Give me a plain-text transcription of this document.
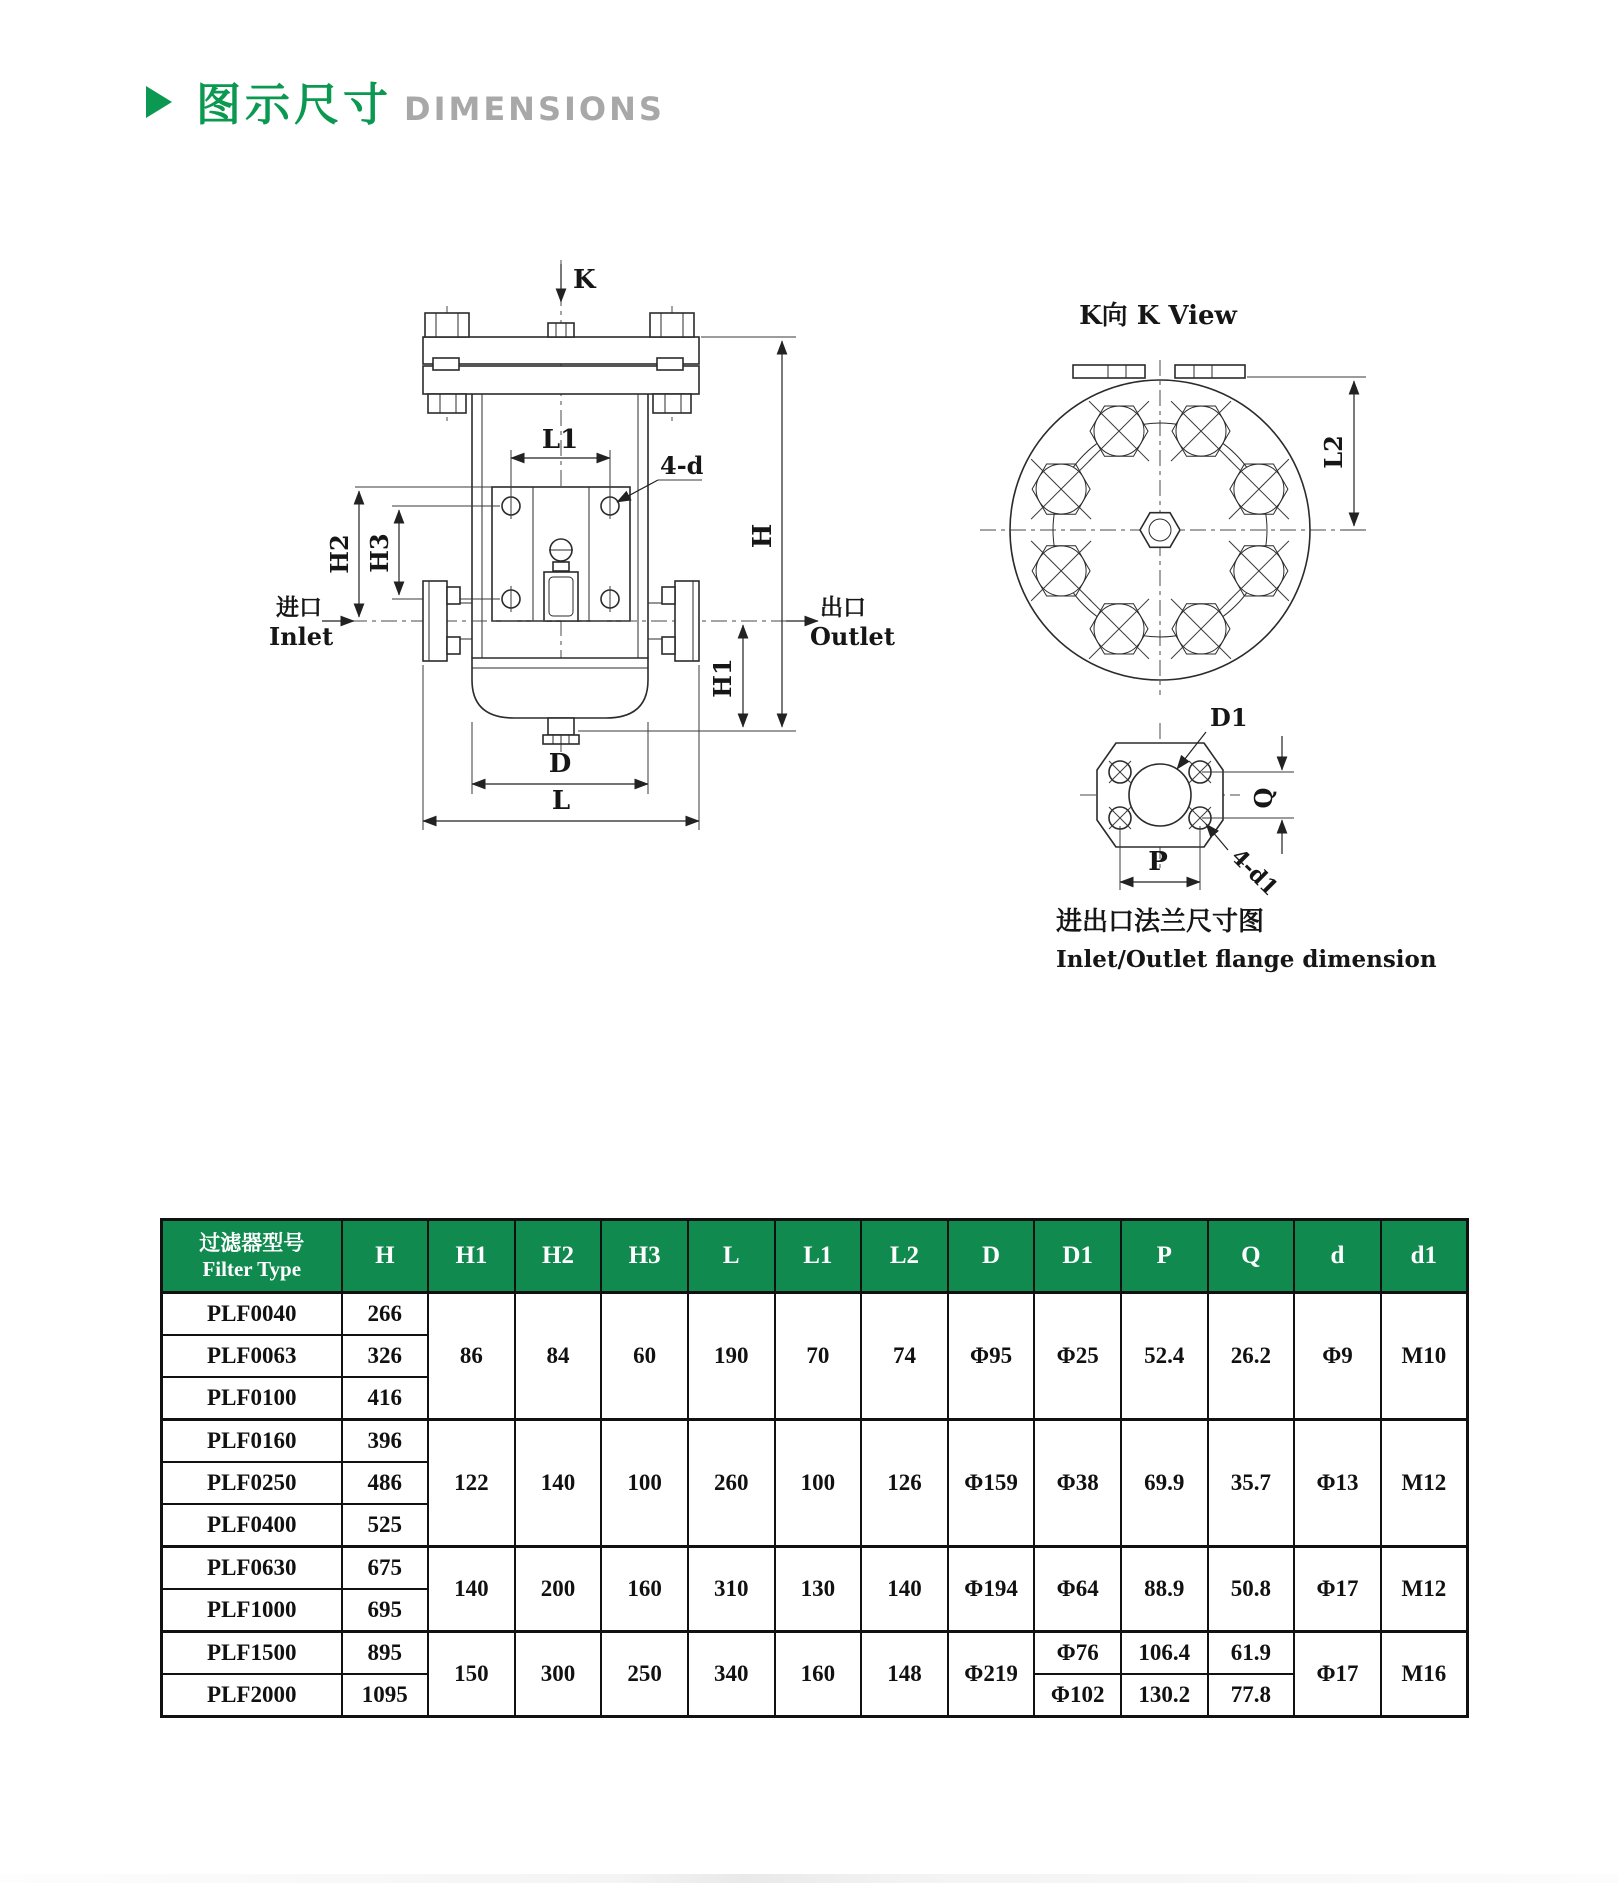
图示尺寸 DIMENSIONS
K
L1
4-d
H2 H3
H1
H
D
L
进口
Inlet
出口
Outlet
K向 K View
L2
D1
Q
4-d1
P
进出口法兰尺寸图
Inlet/Outlet flange dimension
过滤器型号
Filter Type	H	H1	H2	H3	L	L1	L2	D	D1	P	Q	d	d1
PLF0040	266	86	84	60	190	70	74	Φ95	Φ25	52.4	26.2	Φ9	M10
PLF0063	326												
PLF0100	416												
PLF0160	396	122	140	100	260	100	126	Φ159	Φ38	69.9	35.7	Φ13	M12
PLF0250	486												
PLF0400	525												
PLF0630	675	140	200	160	310	130	140	Φ194	Φ64	88.9	50.8	Φ17	M12
PLF1000	695												
PLF1500	895	150	300	250	340	160	148	Φ219	Φ76	106.4	61.9	Φ17	M16
PLF2000	1095								Φ102	130.2	77.8		
